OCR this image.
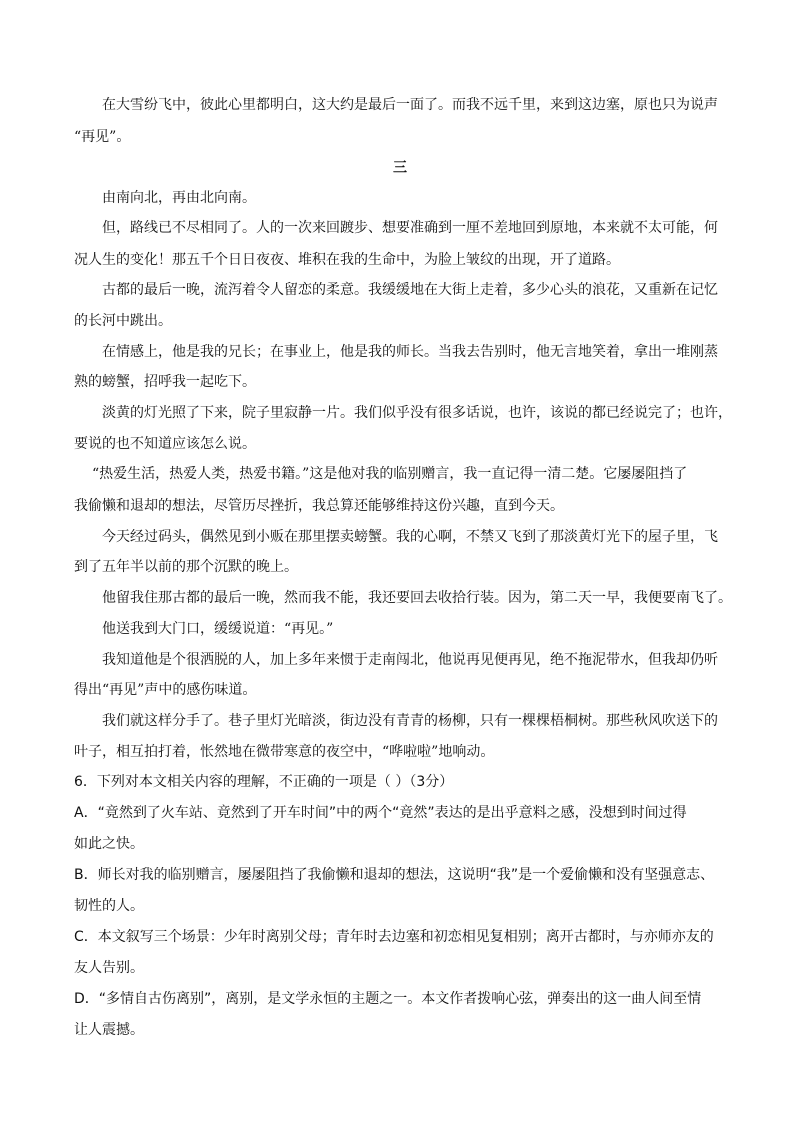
在大雪纷飞中，彼此心里都明白，这大约是最后一面了。而我不远千里，来到这边塞，原也只为说声
“再见”。
三
由南向北，再由北向南。
但，路线已不尽相同了。人的一次来回踱步、想要准确到一厘不差地回到原地，本来就不太可能，何
况人生的变化！那五千个日日夜夜、堆积在我的生命中，为脸上皱纹的出现，开了道路。
古都的最后一晚，流泻着令人留恋的柔意。我缓缓地在大街上走着，多少心头的浪花，又重新在记忆
的长河中跳出。
在情感上，他是我的兄长；在事业上，他是我的师长。当我去告别时，他无言地笑着，拿出一堆刚蒸
熟的螃蟹，招呼我一起吃下。
淡黄的灯光照了下来，院子里寂静一片。我们似乎没有很多话说，也许，该说的都已经说完了；也许，
要说的也不知道应该怎么说。
“热爱生活，热爱人类，热爱书籍。”这是他对我的临别赠言，我一直记得一清二楚。它屡屡阻挡了
我偷懒和退却的想法，尽管历尽挫折，我总算还能够维持这份兴趣，直到今天。
今天经过码头，偶然见到小贩在那里摆卖螃蟹。我的心啊，不禁又飞到了那淡黄灯光下的屋子里，飞
到了五年半以前的那个沉默的晚上。
他留我住那古都的最后一晚，然而我不能，我还要回去收拾行装。因为，第二天一早，我便要南飞了。
他送我到大门口，缓缓说道：“再见。”
我知道他是个很洒脱的人，加上多年来惯于走南闯北，他说再见便再见，绝不拖泥带水，但我却仍听
得出“再见”声中的感伤味道。
我们就这样分手了。巷子里灯光暗淡，街边没有青青的杨柳，只有一棵棵梧桐树。那些秋风吹送下的
叶子，相互拍打着，怅然地在微带寒意的夜空中，“哗啦啦”地响动。
6．下列对本文相关内容的理解，不正确的一项是（ ）（3分）
A．“竟然到了火车站、竟然到了开车时间”中的两个“竟然”表达的是出乎意料之感，没想到时间过得
如此之快。
B．师长对我的临别赠言，屡屡阻挡了我偷懒和退却的想法，这说明“我”是一个爱偷懒和没有坚强意志、
韧性的人。
C．本文叙写三个场景：少年时离别父母；青年时去边塞和初恋相见复相别；离开古都时，与亦师亦友的
友人告别。
D．“多情自古伤离别”，离别，是文学永恒的主题之一。本文作者拨响心弦，弹奏出的这一曲人间至情
让人震撼。
